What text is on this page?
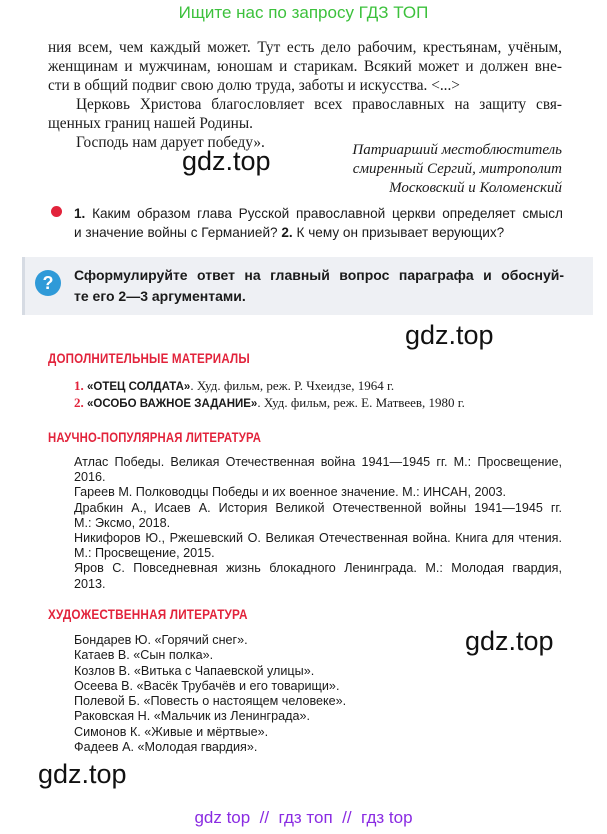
Ищите нас по запросу ГДЗ ТОП

ния всем, чем каждый может. Тут есть дело рабочим, крестьянам, учёным,

женщинам и мужчинам, юношам и старикам. Всякий может и должен вне-

сти в общий подвиг свою долю труда, заботы и искусства. <...>

Церковь Христова благословляет всех православных на защиту свя-

щенных границ нашей Родины.

Господь нам дарует победу».

gdz.top	Патриарший местоблюститель
смиренный Сергий, митрополит
Московский и Коломенский

1. Каким образом глава Русской православной церкви определяет смысл

и значение войны с Германией? 2. К чему он призывает верующих?

?	Сформулируйте ответ на главный вопрос параграфа и обоснуй-

те его 2—3 аргументами.

gdz.top
ДОПОЛНИТЕЛЬНЫЕ МАТЕРИАЛЫ
1. «ОТЕЦ СОЛДАТА». Худ. фильм, реж. Р. Чхеидзе, 1964 г.
2. «ОСОБО ВАЖНОЕ ЗАДАНИЕ». Худ. фильм, реж. Е. Матвеев, 1980 г.
НАУЧНО-ПОПУЛЯРНАЯ ЛИТЕРАТУРА

Атлас Победы. Великая Отечественная война 1941—1945 гг. М.: Просвещение,

2016.

Гареев М. Полководцы Победы и их военное значение. М.: ИНСАН, 2003.

Драбкин А., Исаев А. История Великой Отечественной войны 1941—1945 гг.

М.: Эксмо, 2018.

Никифоров Ю., Ржешевский О. Великая Отечественная война. Книга для чтения.

М.: Просвещение, 2015.

Яров С. Повседневная жизнь блокадного Ленинграда. М.: Молодая гвардия,

2013.

ХУДОЖЕСТВЕННАЯ ЛИТЕРАТУРА

Бондарев Ю. «Горячий снег».

Катаев В. «Сын полка».

Козлов В. «Витька с Чапаевской улицы».

Осеева В. «Васёк Трубачёв и его товарищи».

Полевой Б. «Повесть о настоящем человеке».

Раковская Н. «Мальчик из Ленинграда».

Симонов К. «Живые и мёртвые».

Фадеев А. «Молодая гвардия».

gdz.top
gdz.top
gdz top  //  гдз топ  //  гдз top
